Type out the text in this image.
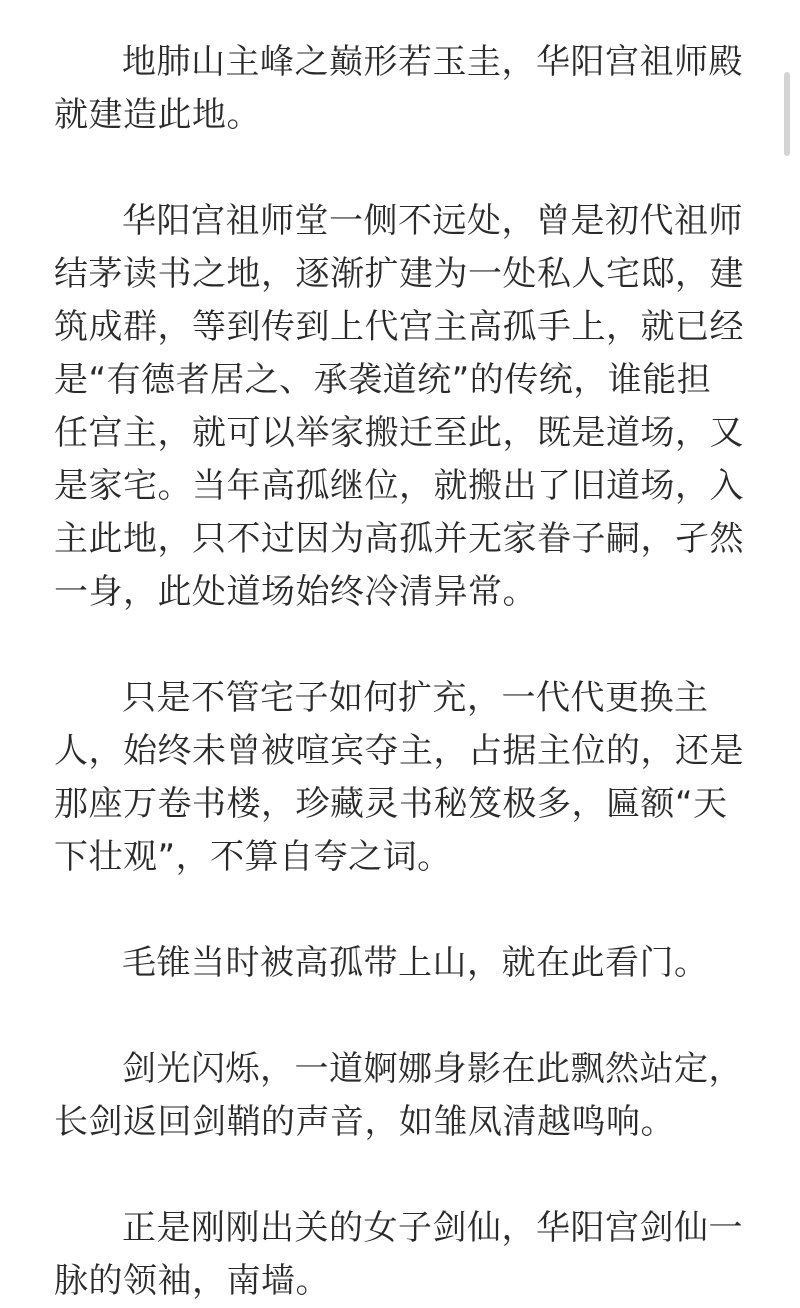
地肺山主峰之巅形若玉圭，华阳宫祖师殿就建造此地。

华阳宫祖师堂一侧不远处，曾是初代祖师结茅读书之地，逐渐扩建为一处私人宅邸，建筑成群，等到传到上代宫主高孤手上，就已经是“有德者居之、承袭道统”的传统，谁能担任宫主，就可以举家搬迁至此，既是道场，又是家宅。当年高孤继位，就搬出了旧道场，入主此地，只不过因为高孤并无家眷子嗣，孑然一身，此处道场始终冷清异常。

只是不管宅子如何扩充，一代代更换主人，始终未曾被喧宾夺主，占据主位的，还是那座万卷书楼，珍藏灵书秘笈极多，匾额“天下壮观”，不算自夸之词。

毛锥当时被高孤带上山，就在此看门。

剑光闪烁，一道婀娜身影在此飘然站定，长剑返回剑鞘的声音，如雏凤清越鸣响。

正是刚刚出关的女子剑仙，华阳宫剑仙一脉的领袖，南墙。
